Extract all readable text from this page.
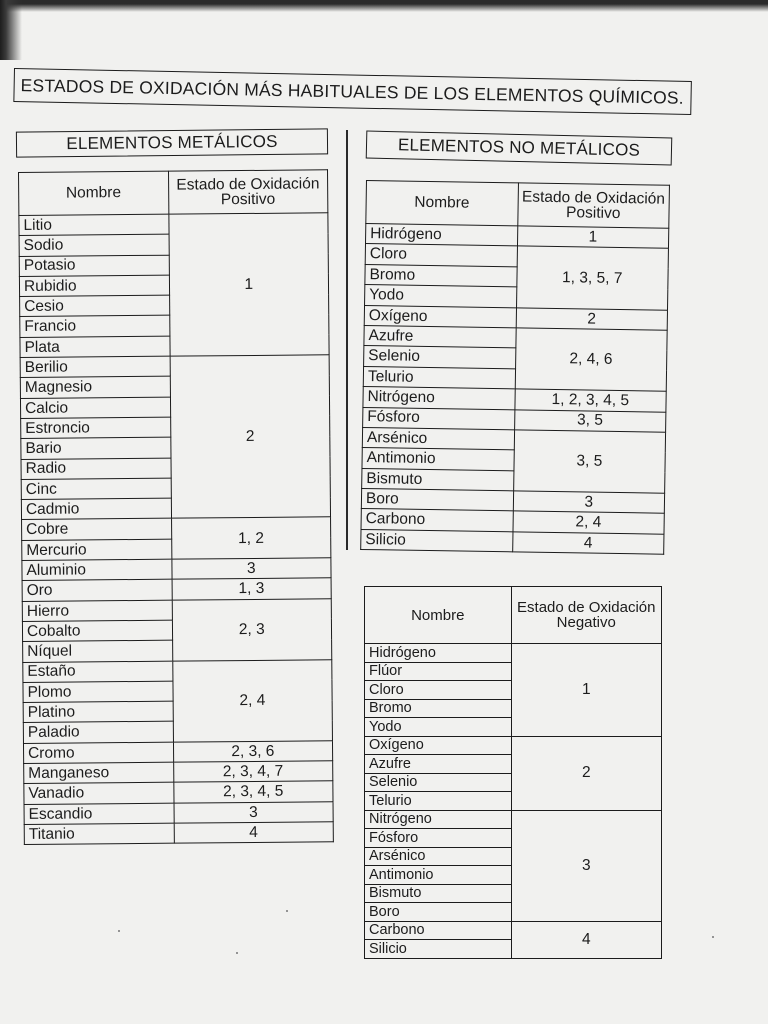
ESTADOS DE OXIDACIÓN MÁS HABITUALES DE LOS ELEMENTOS QUÍMICOS.
ELEMENTOS METÁLICOS	ELEMENTOS NO METÁLICOS
Nombre	Estado de Oxidación Positivo
Litio	1
Sodio	
Potasio	
Rubidio	
Cesio	
Francio	
Plata	
Berilio	2
Magnesio	
Calcio	
Estroncio	
Bario	
Radio	
Cinc	
Cadmio	
Cobre	1, 2
Mercurio	
Aluminio	3
Oro	1, 3
Hierro	2, 3
Cobalto	
Níquel	
Estaño	2, 4
Plomo	
Platino	
Paladio	
Cromo	2, 3, 6
Manganeso	2, 3, 4, 7
Vanadio	2, 3, 4, 5
Escandio	3
Titanio	4
Nombre	Estado de Oxidación Positivo
Hidrógeno	1
Cloro	1, 3, 5, 7
Bromo	
Yodo	
Oxígeno	2
Azufre	2, 4, 6
Selenio	
Telurio	
Nitrógeno	1, 2, 3, 4, 5
Fósforo	3, 5
Arsénico	3, 5
Antimonio	
Bismuto	
Boro	3
Carbono	2, 4
Silicio	4
Nombre	Estado de Oxidación Negativo
Hidrógeno	1
Flúor	
Cloro	
Bromo	
Yodo	
Oxígeno	2
Azufre	
Selenio	
Telurio	
Nitrógeno	3
Fósforo	
Arsénico	
Antimonio	
Bismuto	
Boro	
Carbono	4
Silicio	
